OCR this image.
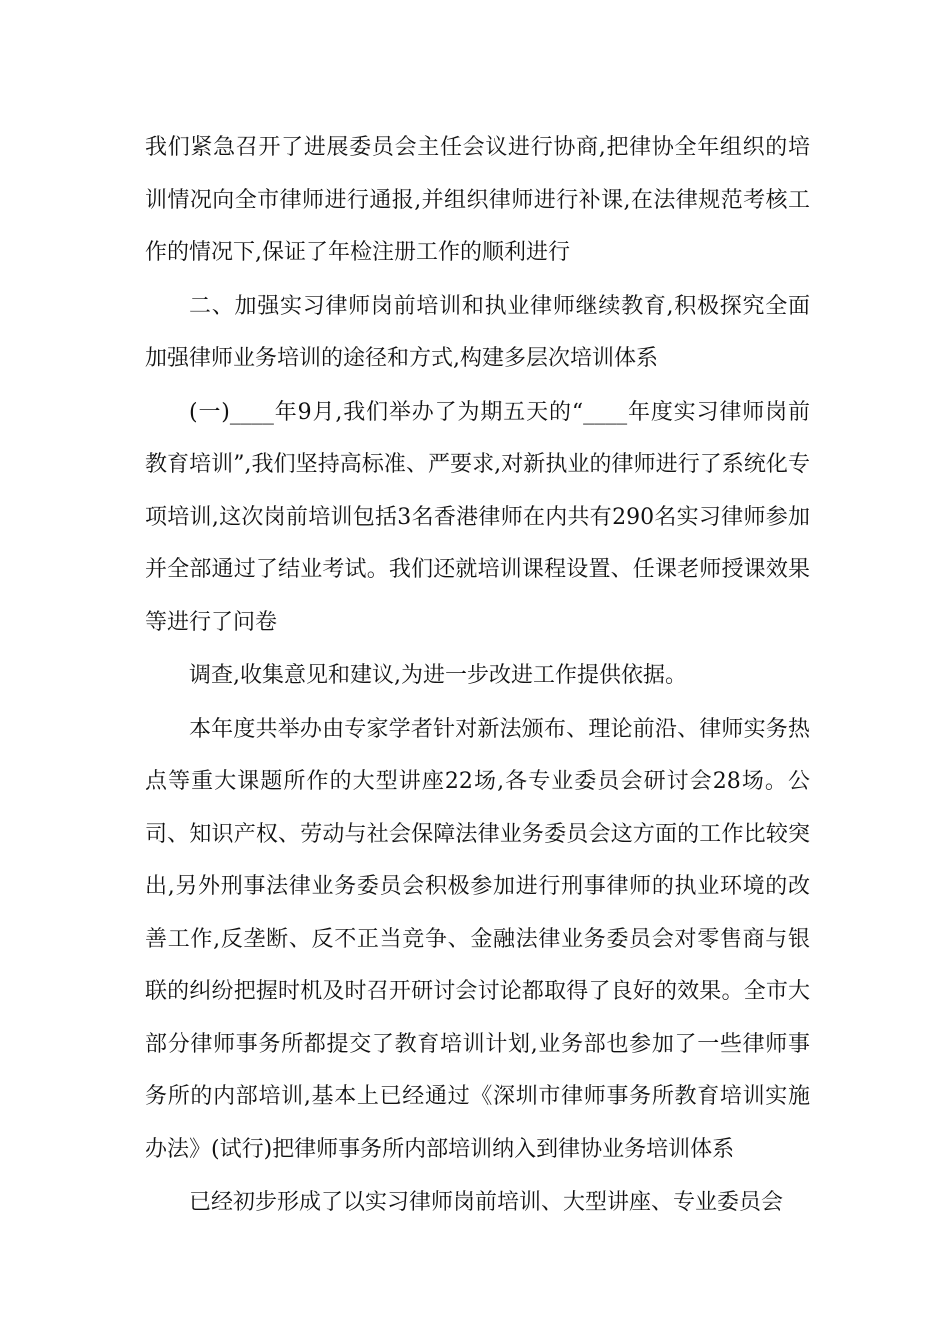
我们紧急召开了进展委员会主任会议进行协商,把律协全年组织的培训情况向全市律师进行通报,并组织律师进行补课,在法律规范考核工作的情况下,保证了年检注册工作的顺利进行

二、加强实习律师岗前培训和执业律师继续教育,积极探究全面加强律师业务培训的途径和方式,构建多层次培训体系

(一)____年9月,我们举办了为期五天的“____年度实习律师岗前教育培训”,我们坚持高标准、严要求,对新执业的律师进行了系统化专项培训,这次岗前培训包括3名香港律师在内共有290名实习律师参加并全部通过了结业考试。我们还就培训课程设置、任课老师授课效果等进行了问卷

调查,收集意见和建议,为进一步改进工作提供依据。

本年度共举办由专家学者针对新法颁布、理论前沿、律师实务热点等重大课题所作的大型讲座22场,各专业委员会研讨会28场。公司、知识产权、劳动与社会保障法律业务委员会这方面的工作比较突出,另外刑事法律业务委员会积极参加进行刑事律师的执业环境的改善工作,反垄断、反不正当竞争、金融法律业务委员会对零售商与银联的纠纷把握时机及时召开研讨会讨论都取得了良好的效果。全市大部分律师事务所都提交了教育培训计划,业务部也参加了一些律师事务所的内部培训,基本上已经通过《深圳市律师事务所教育培训实施办法》(试行)把律师事务所内部培训纳入到律协业务培训体系

已经初步形成了以实习律师岗前培训、大型讲座、专业委员会
